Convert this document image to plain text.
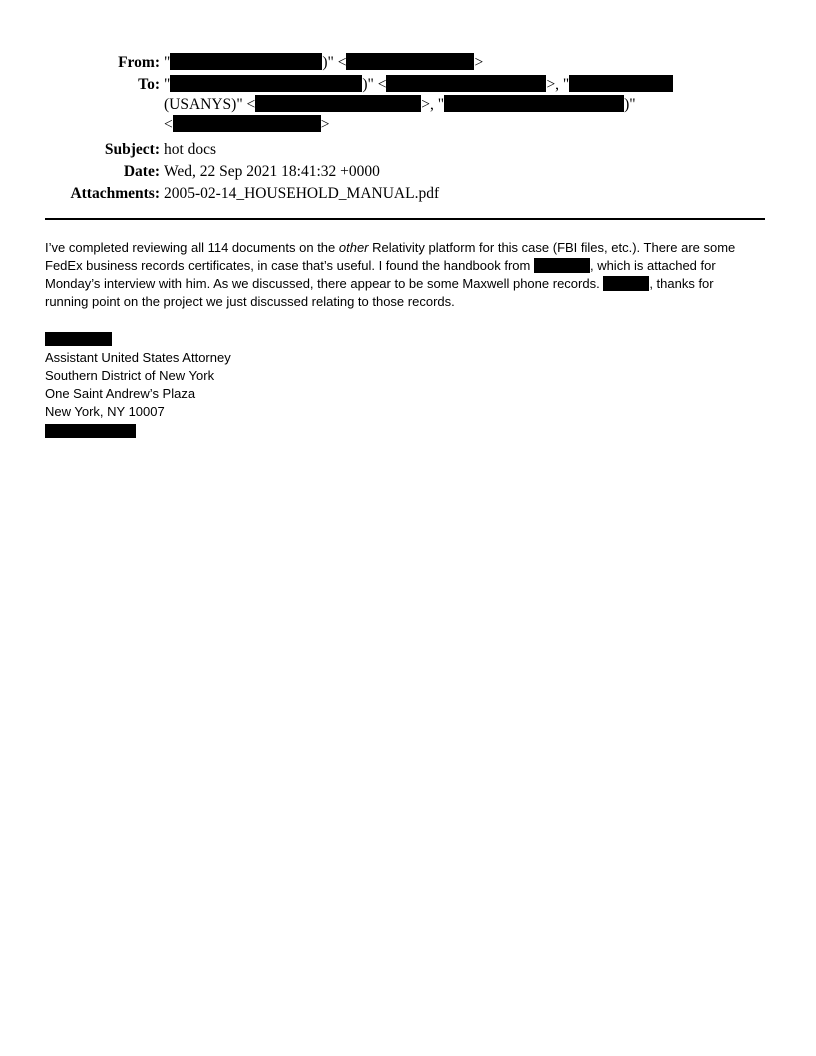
From: "	)" <	>
To: "	)" <	>, "
(USANYS)" <	>, "	)"
<	>
Subject: hot docs
Date: Wed, 22 Sep 2021 18:41:32 +0000
Attachments: 2005-02-14_HOUSEHOLD_MANUAL.pdf

I’ve completed reviewing all 114 documents on the other Relativity platform for this case (FBI files, etc.). There are some FedEx business records certificates, in case that’s useful. I found the handbook from	, which is attached for Monday’s interview with him. As we discussed, there appear to be some Maxwell phone records.	, thanks for running point on the project we just discussed relating to those records.

Assistant United States Attorney
Southern District of New York
One Saint Andrew’s Plaza
New York, NY 10007
